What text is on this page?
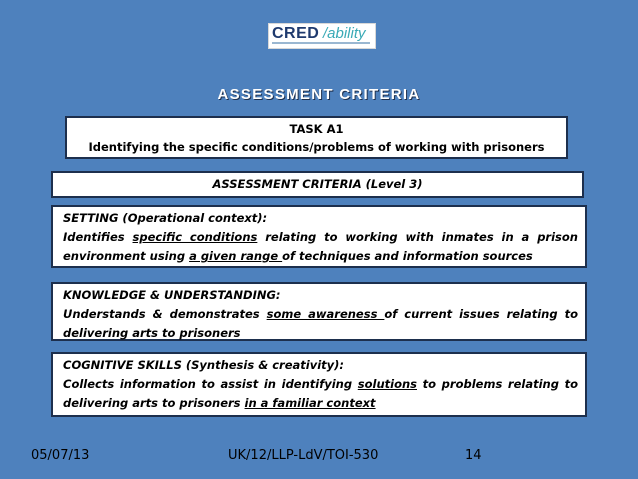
CRED /ability
ASSESSMENT CRITERIA
TASK A1
Identifying the specific conditions/problems of working with prisoners
ASSESSMENT CRITERIA (Level 3)
SETTING (Operational context):
Identifies specific conditions relating to working with inmates in a prison environment using a given range of techniques and information sources
KNOWLEDGE & UNDERSTANDING:
Understands & demonstrates some awareness of current issues relating to delivering arts to prisoners
COGNITIVE SKILLS (Synthesis & creativity):
Collects information to assist in identifying solutions to problems relating to delivering arts to prisoners in a familiar context
05/07/13	UK/12/LLP-LdV/TOI-530	14
